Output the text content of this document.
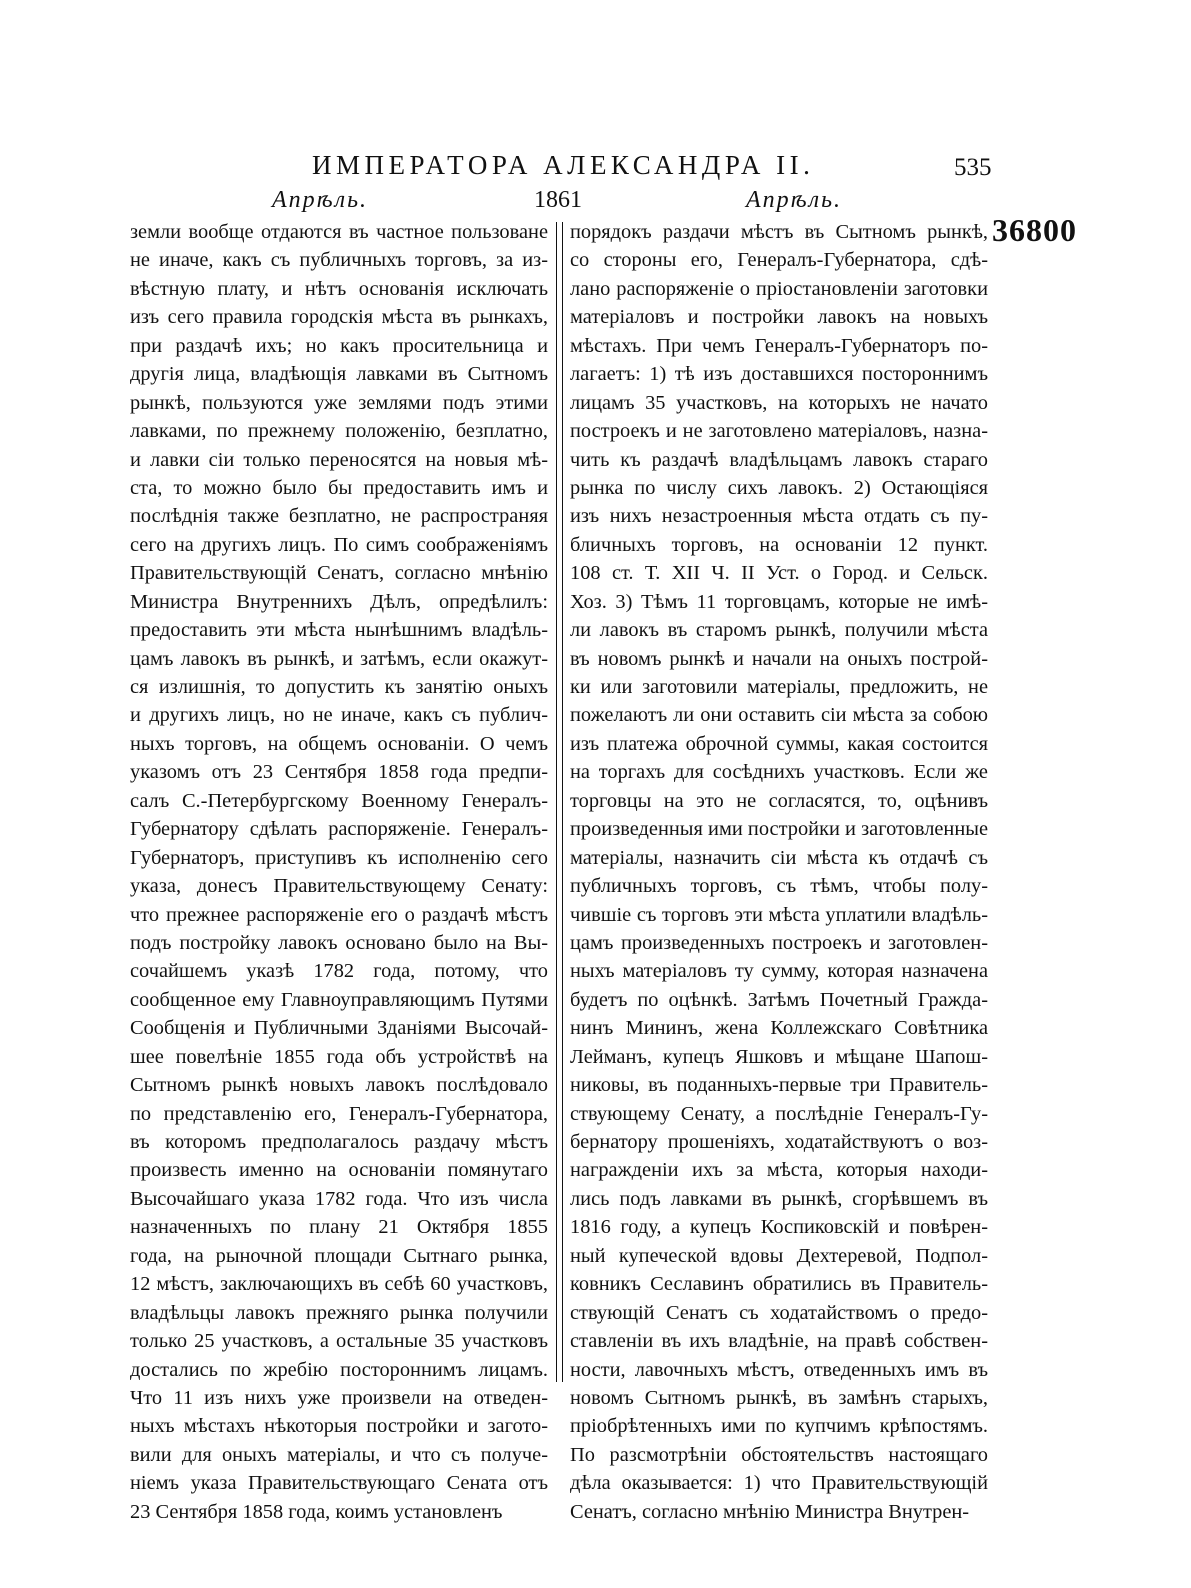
ИМПЕРАТОРА АЛЕКСАНДРА II.	535
Апрѣль.	1861	Апрѣль.
36800
земли вообще отдаются въ частное пользоване
не иначе, какъ съ публичныхъ торговъ, за из-
вѣстную плату, и нѣтъ основанія исключать
изъ сего правила городскія мѣста въ рынкахъ,
при раздачѣ ихъ; но какъ просительница и
другія лица, владѣющія лавками въ Сытномъ
рынкѣ, пользуются уже землями подъ этими
лавками, по прежнему положенію, безплатно,
и лавки сіи только переносятся на новыя мѣ-
ста, то можно было бы предоставить имъ и
послѣднія также безплатно, не распространяя
сего на другихъ лицъ. По симъ соображеніямъ
Правительствующій Сенатъ, согласно мнѣнію
Министра Внутреннихъ Дѣлъ, опредѣлилъ:
предоставить эти мѣста нынѣшнимъ владѣль-
цамъ лавокъ въ рынкѣ, и затѣмъ, если окажут-
ся излишнія, то допустить къ занятію оныхъ
и другихъ лицъ, но не иначе, какъ съ публич-
ныхъ торговъ, на общемъ основаніи. О чемъ
указомъ отъ 23 Сентября 1858 года предпи-
салъ С.-Петербургскому Военному Генералъ-
Губернатору сдѣлать распоряженіе. Генералъ-
Губернаторъ, приступивъ къ исполненію сего
указа, донесъ Правительствующему Сенату:
что прежнее распоряженіе его о раздачѣ мѣстъ
подъ постройку лавокъ основано было на Вы-
сочайшемъ указѣ 1782 года, потому, что
сообщенное ему Главноуправляющимъ Путями
Сообщенія и Публичными Зданіями Высочай-
шее повелѣніе 1855 года объ устройствѣ на
Сытномъ рынкѣ новыхъ лавокъ послѣдовало
по представленію его, Генералъ-Губернатора,
въ которомъ предполагалось раздачу мѣстъ
произвесть именно на основаніи помянутаго
Высочайшаго указа 1782 года. Что изъ числа
назначенныхъ по плану 21 Октября 1855
года, на рыночной площади Сытнаго рынка,
12 мѣстъ, заключающихъ въ себѣ 60 участковъ,
владѣльцы лавокъ прежняго рынка получили
только 25 участковъ, а остальные 35 участковъ
достались по жребію постороннимъ лицамъ.
Что 11 изъ нихъ уже произвели на отведен-
ныхъ мѣстахъ нѣкоторыя постройки и загото-
вили для оныхъ матеріалы, и что съ получе-
ніемъ указа Правительствующаго Сената отъ
23 Сентября 1858 года, коимъ установленъ
порядокъ раздачи мѣстъ въ Сытномъ рынкѣ,
со стороны его, Генералъ-Губернатора, сдѣ-
лано распоряженіе о пріостановленіи заготовки
матеріаловъ и постройки лавокъ на новыхъ
мѣстахъ. При чемъ Генералъ-Губернаторъ по-
лагаетъ: 1) тѣ изъ доставшихся постороннимъ
лицамъ 35 участковъ, на которыхъ не начато
построекъ и не заготовлено матеріаловъ, назна-
чить къ раздачѣ владѣльцамъ лавокъ стараго
рынка по числу сихъ лавокъ. 2) Остающіяся
изъ нихъ незастроенныя мѣста отдать съ пу-
бличныхъ торговъ, на основаніи 12 пункт.
108 ст. Т. XII Ч. II Уст. о Город. и Сельск.
Хоз. 3) Тѣмъ 11 торговцамъ, которые не имѣ-
ли лавокъ въ старомъ рынкѣ, получили мѣста
въ новомъ рынкѣ и начали на оныхъ построй-
ки или заготовили матеріалы, предложить, не
пожелаютъ ли они оставить сіи мѣста за собою
изъ платежа оброчной суммы, какая состоится
на торгахъ для сосѣднихъ участковъ. Если же
торговцы на это не согласятся, то, оцѣнивъ
произведенныя ими постройки и заготовленные
матеріалы, назначить сіи мѣста къ отдачѣ съ
публичныхъ торговъ, съ тѣмъ, чтобы полу-
чившіе съ торговъ эти мѣста уплатили владѣль-
цамъ произведенныхъ построекъ и заготовлен-
ныхъ матеріаловъ ту сумму, которая назначена
будетъ по оцѣнкѣ. Затѣмъ Почетный Гражда-
нинъ Мининъ, жена Коллежскаго Совѣтника
Лейманъ, купецъ Яшковъ и мѣщане Шапош-
никовы, въ поданныхъ-первые три Правитель-
ствующему Сенату, а послѣдніе Генералъ-Гу-
бернатору прошеніяхъ, ходатайствуютъ о воз-
награжденіи ихъ за мѣста, которыя находи-
лись подъ лавками въ рынкѣ, сгорѣвшемъ въ
1816 году, а купецъ Коспиковскій и повѣрен-
ный купеческой вдовы Дехтеревой, Подпол-
ковникъ Сеславинъ обратились въ Правитель-
ствующій Сенатъ съ ходатайствомъ о предо-
ставленіи въ ихъ владѣніе, на правѣ собствен-
ности, лавочныхъ мѣстъ, отведенныхъ имъ въ
новомъ Сытномъ рынкѣ, въ замѣнъ старыхъ,
пріобрѣтенныхъ ими по купчимъ крѣпостямъ.
По разсмотрѣніи обстоятельствъ настоящаго
дѣла оказывается: 1) что Правительствующій
Сенатъ, согласно мнѣнію Министра Внутрен-
